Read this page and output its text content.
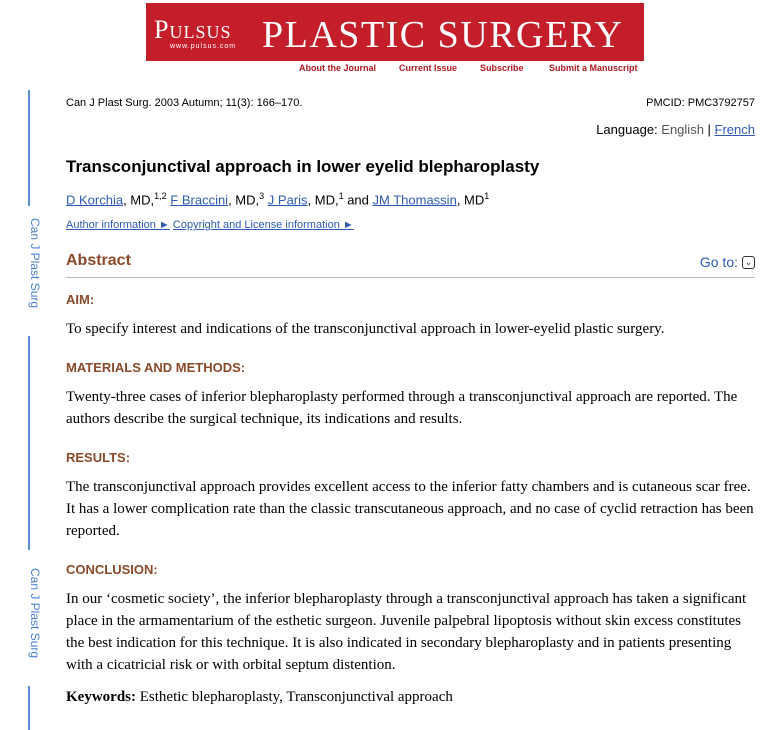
Can J Plast Surg
Can J Plast Surg
Pulsus
www.pulsus.com PLASTIC SURGERY
About the Journal	Current Issue	Subscribe	Submit a Manuscript
Can J Plast Surg. 2003 Autumn; 11(3): 166–170.	PMCID: PMC3792757
Language: English | French
Transconjunctival approach in lower eyelid blepharoplasty
D Korchia, MD,$^{1,2}$ F Braccini, MD,$^3$ J Paris, MD,$^1$ and JM Thomassin, $MD^1$
Author information ► Copyright and License information ►
Abstract	Go to: ⌄
AIM:
To specify interest and indications of the transconjunctival approach in lower-eyelid plastic surgery.
MATERIALS AND METHODS:
Twenty-three cases of inferior blepharoplasty performed through a transconjunctival approach are reported. The authors describe the surgical technique, its indications and results.
RESULTS:
The transconjunctival approach provides excellent access to the inferior fatty chambers and is cutaneous scar free. It has a lower complication rate than the classic transcutaneous approach, and no case of cyclid retraction has been reported.
CONCLUSION:
In our ‘cosmetic society’, the inferior blepharoplasty through a transconjunctival approach has taken a significant place in the armamentarium of the esthetic surgeon. Juvenile palpebral lipoptosis without skin excess constitutes the best indication for this technique. It is also indicated in secondary blepharoplasty and in patients presenting with a cicatricial risk or with orbital septum distention.
Keywords: Esthetic blepharoplasty, Transconjunctival approach
